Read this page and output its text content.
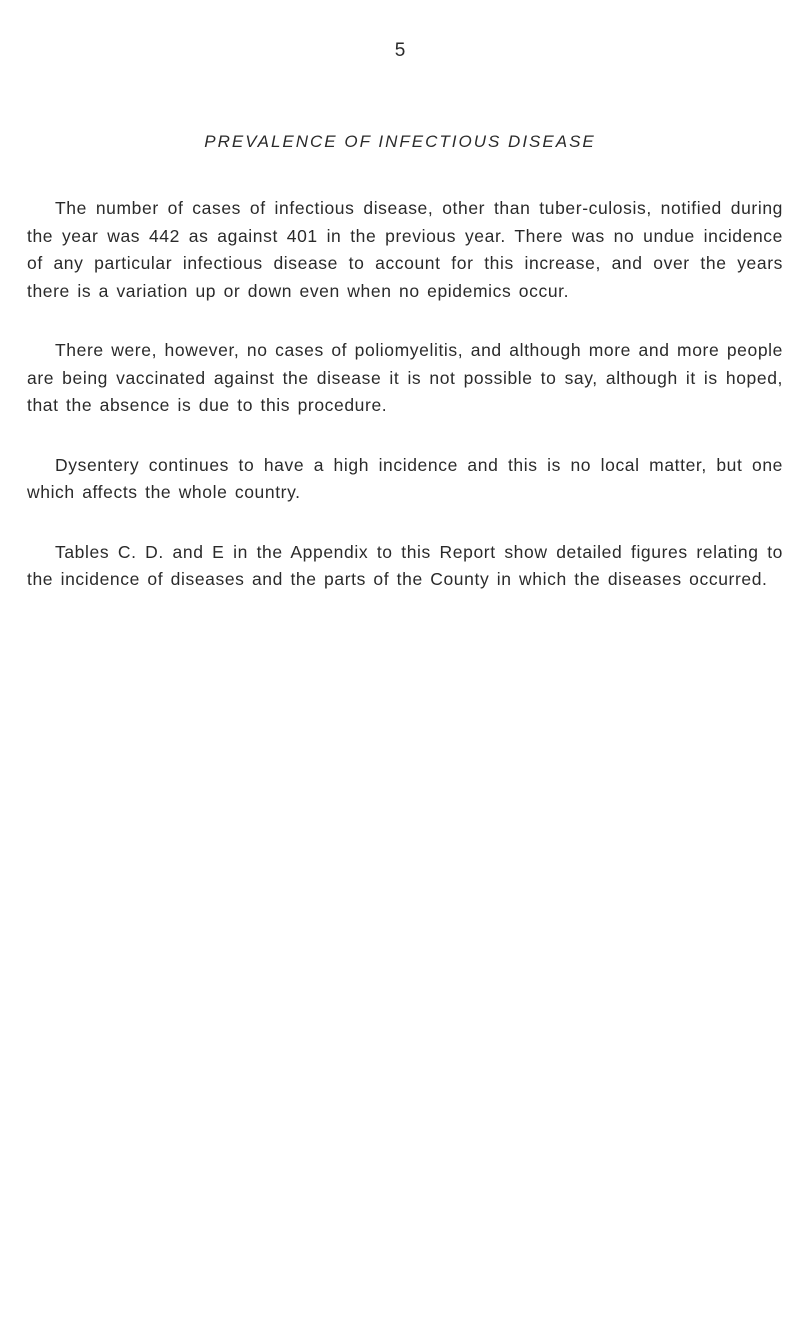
5
PREVALENCE OF INFECTIOUS DISEASE

The number of cases of infectious disease, other than tuber-culosis, notified during the year was 442 as against 401 in the previous year. There was no undue incidence of any particular infectious disease to account for this increase, and over the years there is a variation up or down even when no epidemics occur.

There were, however, no cases of poliomyelitis, and although more and more people are being vaccinated against the disease it is not possible to say, although it is hoped, that the absence is due to this procedure.

Dysentery continues to have a high incidence and this is no local matter, but one which affects the whole country.

Tables C. D. and E in the Appendix to this Report show detailed figures relating to the incidence of diseases and the parts of the County in which the diseases occurred.
